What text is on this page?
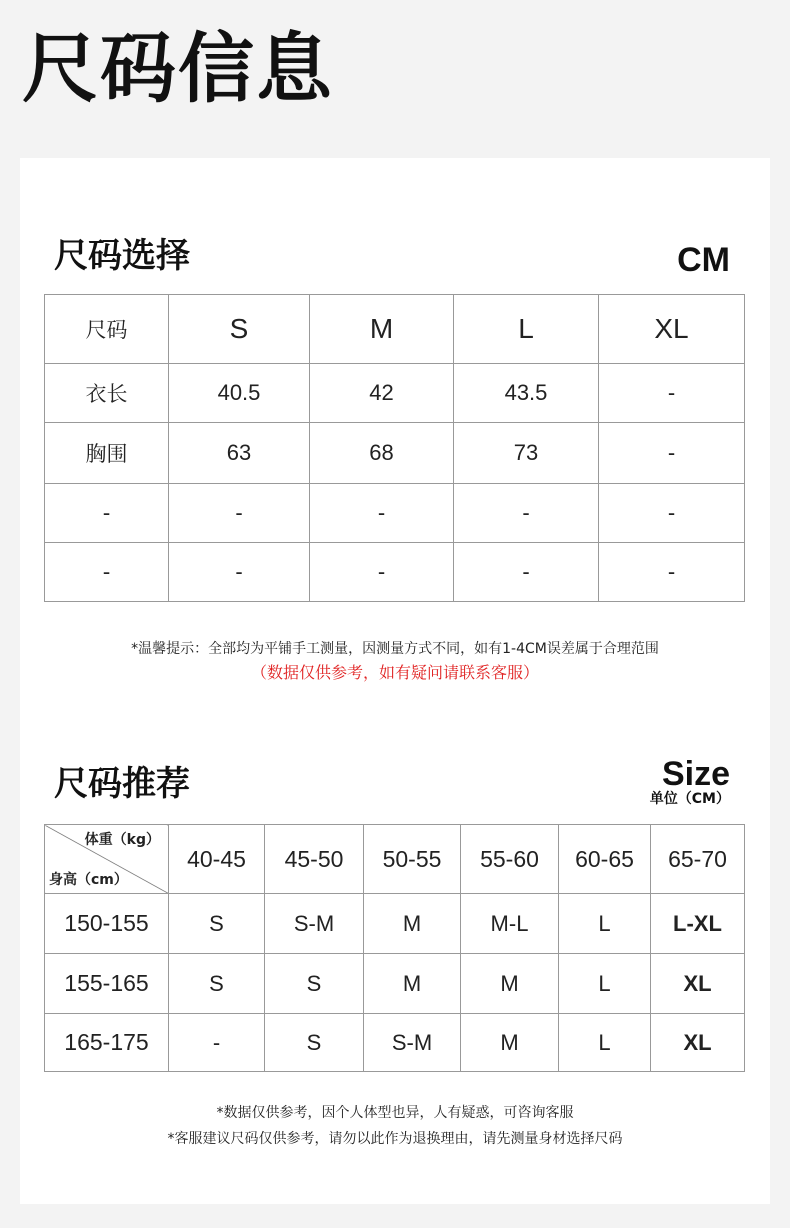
尺码信息
尺码选择	CM
尺码	S	M	L	XL
衣长	40.5	42	43.5	-
胸围	63	68	73	-
-	-	-	-	-
-	-	-	-	-
*温馨提示：全部均为平铺手工测量，因测量方式不同，如有1-4CM误差属于合理范围
（数据仅供参考，如有疑问请联系客服）
尺码推荐	Size
单位（CM）
体重（kg）
身高（cm）	40-45	45-50	50-55	55-60	60-65	65-70
150-155	S	S-M	M	M-L	L	L-XL
155-165	S	S	M	M	L	XL
165-175	-	S	S-M	M	L	XL
*数据仅供参考，因个人体型也异，人有疑惑，可咨询客服
*客服建议尺码仅供参考，请勿以此作为退换理由，请先测量身材选择尺码
